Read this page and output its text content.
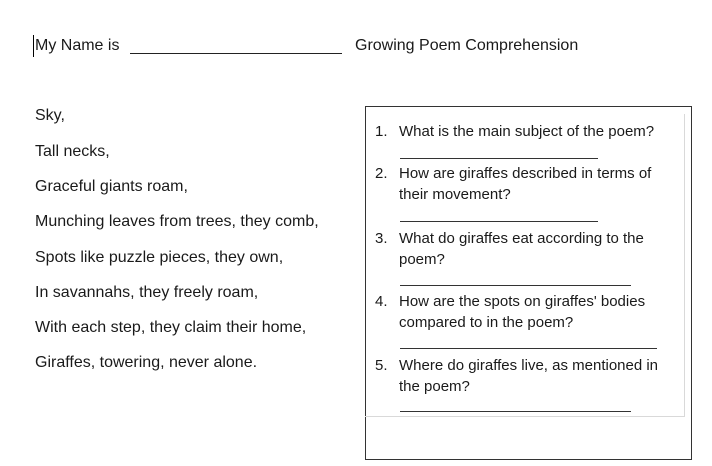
My Name is	Growing Poem Comprehension
Sky,
Tall necks,
Graceful giants roam,
Munching leaves from trees, they comb,
Spots like puzzle pieces, they own,
In savannahs, they freely roam,
With each step, they claim their home,
Giraffes, towering, never alone.
1. What is the main subject of the poem?
2. How are giraffes described in terms of their movement?
3. What do giraffes eat according to the poem?
4. How are the spots on giraffes' bodies compared to in the poem?
5. Where do giraffes live, as mentioned in the poem?
